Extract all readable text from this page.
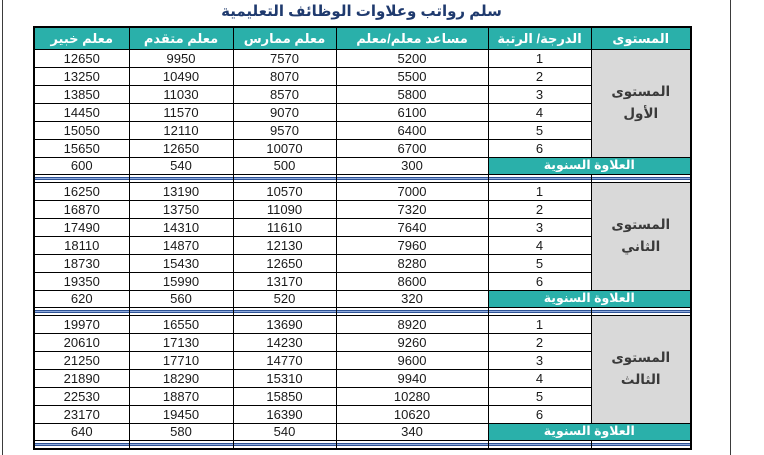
سلم رواتب وعلاوات الوظائف التعليمية
المستوى	الدرجة/ الرتبة	مساعد معلم/معلم	معلم ممارس	معلم متقدم	معلم خبير
المستوى الأول	1	5200	7570	9950	12650
	2	5500	8070	10490	13250
	3	5800	8570	11030	13850
	4	6100	9070	11570	14450
	5	6400	9570	12110	15050
	6	6700	10070	12650	15650
العلاوة السنوية		300	500	540	600

المستوى الثاني	1	7000	10570	13190	16250
	2	7320	11090	13750	16870
	3	7640	11610	14310	17490
	4	7960	12130	14870	18110
	5	8280	12650	15430	18730
	6	8600	13170	15990	19350
العلاوة السنوية		320	520	560	620

المستوى الثالث	1	8920	13690	16550	19970
	2	9260	14230	17130	20610
	3	9600	14770	17710	21250
	4	9940	15310	18290	21890
	5	10280	15850	18870	22530
	6	10620	16390	19450	23170
العلاوة السنوية		340	540	580	640
